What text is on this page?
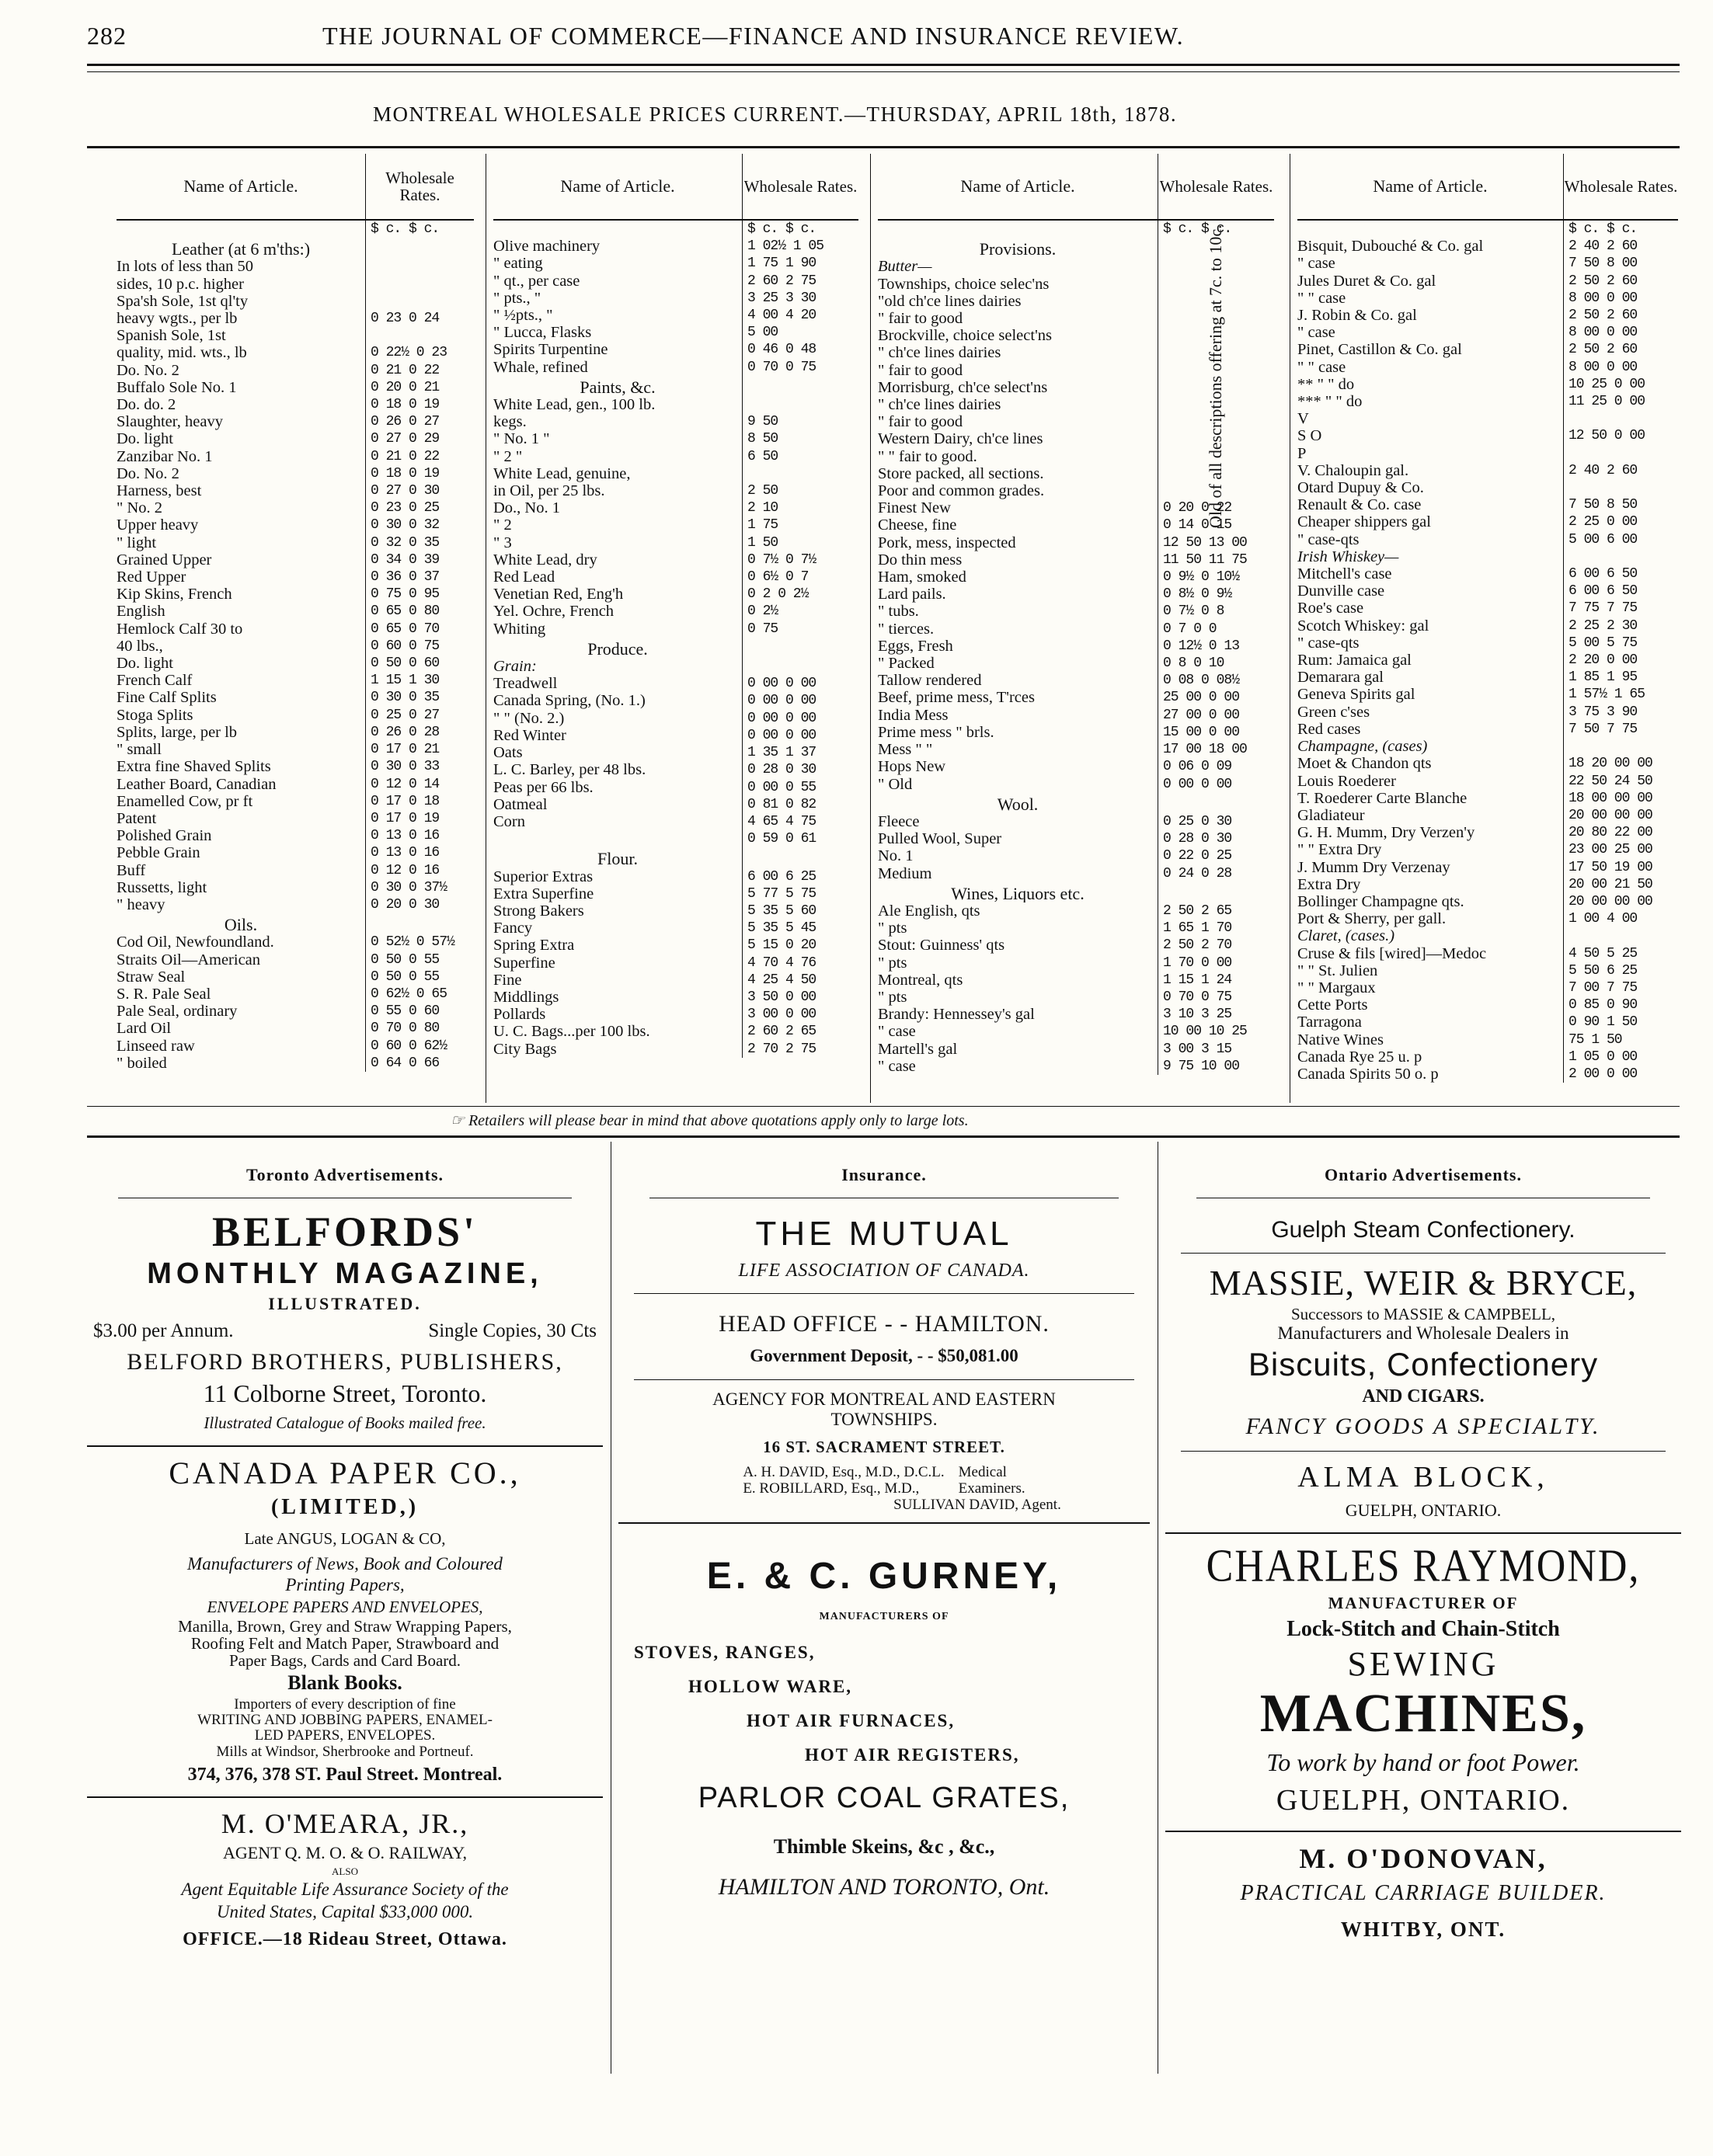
282	THE JOURNAL OF COMMERCE—FINANCE AND INSURANCE REVIEW.
MONTREAL WHOLESALE PRICES CURRENT.—THURSDAY, APRIL 18th, 1878.
Name of Article.	Wholesale Rates.
$ c. $ c.
Leather (at 6 m'ths:)
In lots of less than 50
sides, 10 p.c. higher
Spa'sh Sole, 1st ql'ty
heavy wgts., per lb	0 23 0 24
Spanish Sole, 1st
quality, mid. wts., lb	0 22½ 0 23
Do. No. 2	0 21 0 22
Buffalo Sole No. 1	0 20 0 21
Do. do. 2	0 18 0 19
Slaughter, heavy	0 26 0 27
Do. light	0 27 0 29
Zanzibar No. 1	0 21 0 22
Do. No. 2	0 18 0 19
Harness, best	0 27 0 30
" No. 2	0 23 0 25
Upper heavy	0 30 0 32
" light	0 32 0 35
Grained Upper	0 34 0 39
Red Upper	0 36 0 37
Kip Skins, French	0 75 0 95
English	0 65 0 80
Hemlock Calf 30 to	0 65 0 70
40 lbs.,	0 60 0 75
Do. light	0 50 0 60
French Calf	1 15 1 30
Fine Calf Splits	0 30 0 35
Stoga Splits	0 25 0 27
Splits, large, per lb	0 26 0 28
" small	0 17 0 21
Extra fine Shaved Splits	0 30 0 33
Leather Board, Canadian	0 12 0 14
Enamelled Cow, pr ft	0 17 0 18
Patent	0 17 0 19
Polished Grain	0 13 0 16
Pebble Grain	0 13 0 16
Buff	0 12 0 16
Russetts, light	0 30 0 37½
" heavy	0 20 0 30
Oils.
Cod Oil, Newfoundland.	0 52½ 0 57½
Straits Oil—American	0 50 0 55
Straw Seal	0 50 0 55
S. R. Pale Seal	0 62½ 0 65
Pale Seal, ordinary	0 55 0 60
Lard Oil	0 70 0 80
Linseed raw	0 60 0 62½
" boiled	0 64 0 66
Name of Article.	Wholesale Rates.
$ c. $ c.
Olive machinery	1 02½ 1 05
" eating	1 75 1 90
" qt., per case	2 60 2 75
" pts., "	3 25 3 30
" ½pts., "	4 00 4 20
" Lucca, Flasks	5 00
Spirits Turpentine	0 46 0 48
Whale, refined	0 70 0 75
Paints, &c.
White Lead, gen., 100 lb.
kegs.	9 50
" No. 1 "	8 50
" 2 "	6 50
White Lead, genuine,
in Oil, per 25 lbs.	2 50
Do., No. 1	2 10
" 2	1 75
" 3	1 50
White Lead, dry	0 7½ 0 7½
Red Lead	0 6½ 0 7
Venetian Red, Eng'h	0 2 0 2½
Yel. Ochre, French	0 2½
Whiting	0 75
Produce.
Grain:
Treadwell	0 00 0 00
Canada Spring, (No. 1.)	0 00 0 00
" " (No. 2.)	0 00 0 00
Red Winter	0 00 0 00
Oats	1 35 1 37
L. C. Barley, per 48 lbs.	0 28 0 30
Peas per 66 lbs.	0 00 0 55
Oatmeal	0 81 0 82
Corn	4 65 4 75
0 59 0 61
Flour.
Superior Extras	6 00 6 25
Extra Superfine	5 77 5 75
Strong Bakers	5 35 5 60
Fancy	5 35 5 45
Spring Extra	5 15 0 20
Superfine	4 70 4 76
Fine	4 25 4 50
Middlings	3 50 0 00
Pollards	3 00 0 00
U. C. Bags...per 100 lbs.	2 60 2 65
City Bags	2 70 2 75
Name of Article.	Wholesale Rates.
$ c. $ c.
Provisions.
Butter—
Townships, choice selec'ns
"old ch'ce lines dairies
" fair to good
Brockville, choice select'ns
" ch'ce lines dairies
" fair to good
Morrisburg, ch'ce select'ns
" ch'ce lines dairies
" fair to good
Western Dairy, ch'ce lines
" " fair to good.
Store packed, all sections.
Poor and common grades.
Finest New	0 20 0 22
Cheese, fine	0 14 0 15
Pork, mess, inspected	12 50 13 00
Do thin mess	11 50 11 75
Ham, smoked	0 9½ 0 10½
Lard pails.	0 8½ 0 9½
" tubs.	0 7½ 0 8
" tierces.	0 7 0 0
Eggs, Fresh	0 12½ 0 13
" Packed	0 8 0 10
Tallow rendered	0 08 0 08½
Beef, prime mess, T'rces	25 00 0 00
India Mess	27 00 0 00
Prime mess " brls.	15 00 0 00
Mess " "	17 00 18 00
Hops New	0 06 0 09
" Old	0 00 0 00
Wool.
Fleece	0 25 0 30
Pulled Wool, Super	0 28 0 30
No. 1	0 22 0 25
Medium	0 24 0 28
Wines, Liquors etc.
Ale English, qts	2 50 2 65
" pts	1 65 1 70
Stout: Guinness' qts	2 50 2 70
" pts	1 70 0 00
Montreal, qts	1 15 1 24
" pts	0 70 0 75
Brandy: Hennessey's gal	3 10 3 25
" case	10 00 10 25
Martell's gal	3 00 3 15
" case	9 75 10 00
Name of Article.	Wholesale Rates.
$ c. $ c.
Bisquit, Dubouché & Co. gal	2 40 2 60
" case	7 50 8 00
Jules Duret & Co. gal	2 50 2 60
" " case	8 00 0 00
J. Robin & Co. gal	2 50 2 60
" case	8 00 0 00
Pinet, Castillon & Co. gal	2 50 2 60
" " case	8 00 0 00
** " " do	10 25 0 00
*** " " do	11 25 0 00
V
S O	12 50 0 00
P
V. Chaloupin gal.	2 40 2 60
Otard Dupuy & Co.
Renault & Co. case	7 50 8 50
Cheaper shippers gal	2 25 0 00
" case-qts	5 00 6 00
Irish Whiskey—
Mitchell's case	6 00 6 50
Dunville case	6 00 6 50
Roe's case	7 75 7 75
Scotch Whiskey: gal	2 25 2 30
" case-qts	5 00 5 75
Rum: Jamaica gal	2 20 0 00
Demarara gal	1 85 1 95
Geneva Spirits gal	1 57½ 1 65
Green c'ses	3 75 3 90
Red cases	7 50 7 75
Champagne, (cases)
Moet & Chandon qts	18 20 00 00
Louis Roederer	22 50 24 50
T. Roederer Carte Blanche	18 00 00 00
Gladiateur	20 00 00 00
G. H. Mumm, Dry Verzen'y	20 80 22 00
" " Extra Dry	23 00 25 00
J. Mumm Dry Verzenay	17 50 19 00
Extra Dry	20 00 21 50
Bollinger Champagne qts.	20 00 00 00
Port & Sherry, per gall.	1 00 4 00
Claret, (cases.)
Cruse & fils [wired]—Medoc	4 50 5 25
" " St. Julien	5 50 6 25
" " Margaux	7 00 7 75
Cette Ports	0 85 0 90
Tarragona	0 90 1 50
Native Wines	75 1 50
Canada Rye 25 u. p	1 05 0 00
Canada Spirits 50 o. p	2 00 0 00
Old of all descriptions offering at 7c. to 10c.
☞ Retailers will please bear in mind that above quotations apply only to large lots.
Toronto Advertisements.
BELFORDS'
MONTHLY MAGAZINE,
ILLUSTRATED.
$3.00 per Annum.	Single Copies, 30 Cts
BELFORD BROTHERS, PUBLISHERS,
11 Colborne Street, Toronto.
Illustrated Catalogue of Books mailed free.
CANADA PAPER CO.,
(LIMITED,)
Late ANGUS, LOGAN & CO,
Manufacturers of News, Book and Coloured
Printing Papers,
ENVELOPE PAPERS AND ENVELOPES,
Manilla, Brown, Grey and Straw Wrapping Papers,
Roofing Felt and Match Paper, Strawboard and
Paper Bags, Cards and Card Board.
Blank Books.
Importers of every description of fine
WRITING AND JOBBING PAPERS, ENAMEL-
LED PAPERS, ENVELOPES.
Mills at Windsor, Sherbrooke and Portneuf.
374, 376, 378 ST. Paul Street. Montreal.
M. O'MEARA, JR.,
AGENT Q. M. O. & O. RAILWAY,
ALSO
Agent Equitable Life Assurance Society of the
United States, Capital $33,000 000.
OFFICE.—18 Rideau Street, Ottawa.
Insurance.
THE MUTUAL
LIFE ASSOCIATION OF CANADA.
HEAD OFFICE - - HAMILTON.
Government Deposit, - - $50,081.00
AGENCY FOR MONTREAL AND EASTERN
TOWNSHIPS.
16 ST. SACRAMENT STREET.
A. H. DAVID, Esq., M.D., D.C.L.
E. ROBILLARD, Esq., M.D.,
Medical
Examiners.
SULLIVAN DAVID, Agent.
E. & C. GURNEY,
MANUFACTURERS OF
STOVES, RANGES,
HOLLOW WARE,
HOT AIR FURNACES,
HOT AIR REGISTERS,
PARLOR COAL GRATES,
Thimble Skeins, &c , &c.,
HAMILTON AND TORONTO, Ont.
Ontario Advertisements.
Guelph Steam Confectionery.
MASSIE, WEIR & BRYCE,
Successors to MASSIE & CAMPBELL,
Manufacturers and Wholesale Dealers in
Biscuits, Confectionery
AND CIGARS.
FANCY GOODS A SPECIALTY.
ALMA BLOCK,
GUELPH, ONTARIO.
CHARLES RAYMOND,
MANUFACTURER OF
Lock-Stitch and Chain-Stitch
SEWING
MACHINES,
To work by hand or foot Power.
GUELPH, ONTARIO.
M. O'DONOVAN,
PRACTICAL CARRIAGE BUILDER.
WHITBY, ONT.
